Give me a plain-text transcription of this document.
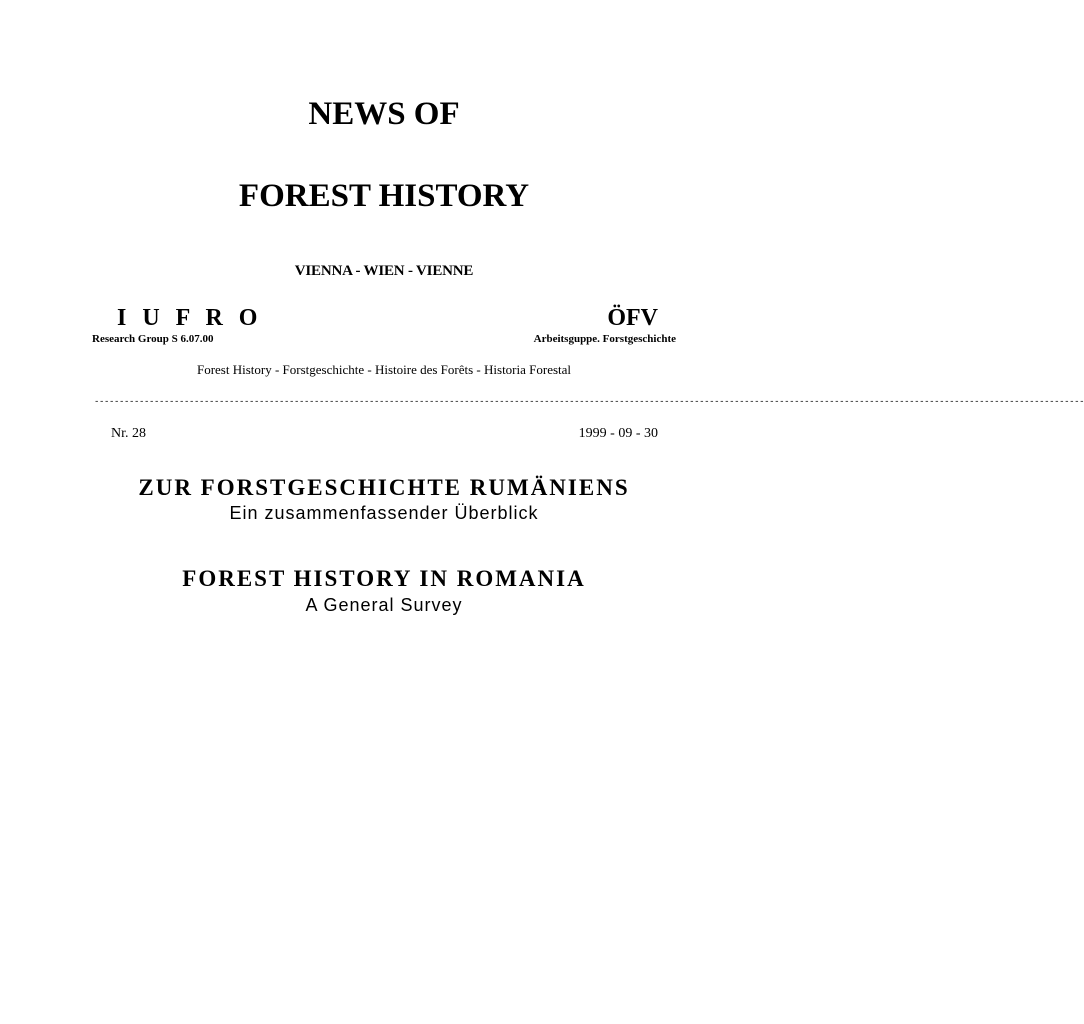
NEWS OF
FOREST HISTORY
VIENNA - WIEN - VIENNE
I U F R O
Research Group S 6.07.00
ÖFV
Arbeitsguppe. Forstgeschichte
Forest History - Forstgeschichte - Histoire des Forêts - Historia Forestal
------------------------------------------------------------------------------------------------------------------------------------------------------------------------------------------------------
Nr. 28	1999 - 09 - 30
ZUR FORSTGESCHICHTE RUMÄNIENS
Ein zusammenfassender Überblick
FOREST HISTORY IN ROMANIA
A General Survey
